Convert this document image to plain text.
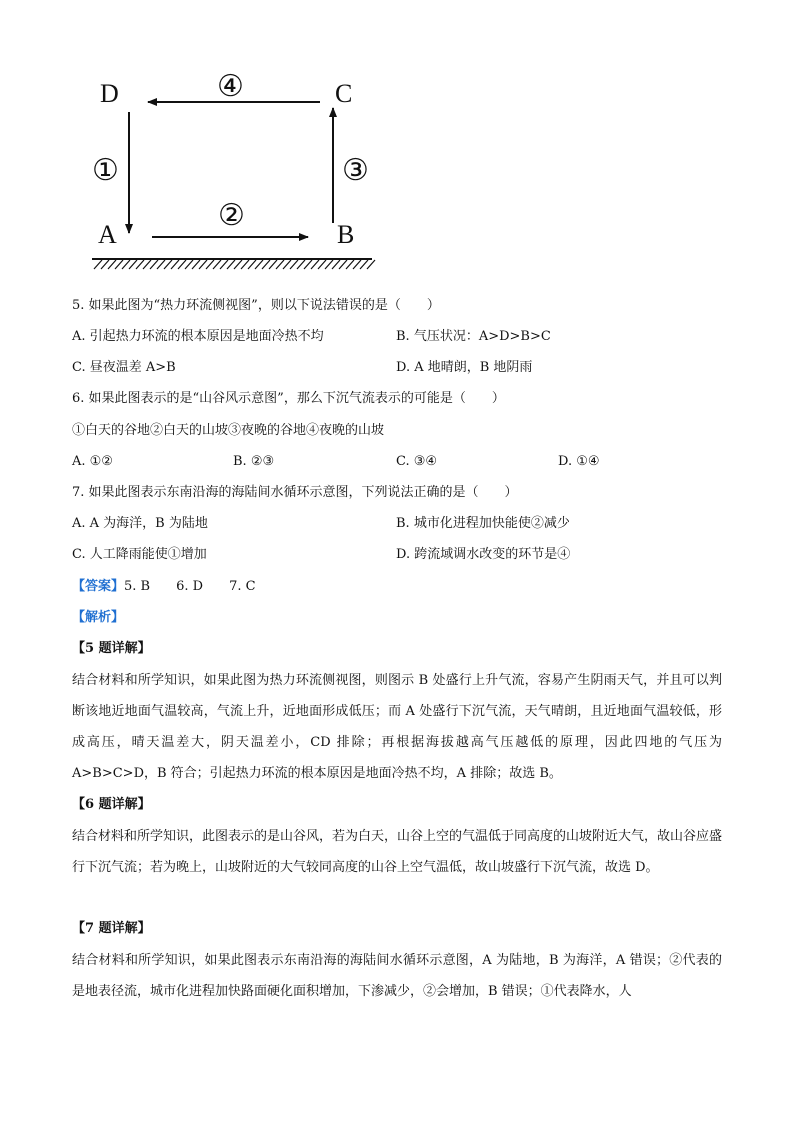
D	C
A	B
①
②
③
④
5. 如果此图为“热力环流侧视图”，则以下说法错误的是（　　）
A. 引起热力环流的根本原因是地面冷热不均	B. 气压状况：A>D>B>C
C. 昼夜温差 A>B	D. A 地晴朗，B 地阴雨
6. 如果此图表示的是“山谷风示意图”，那么下沉气流表示的可能是（　　）
①白天的谷地②白天的山坡③夜晚的谷地④夜晚的山坡
A. ①②	B. ②③	C. ③④	D. ①④
7. 如果此图表示东南沿海的海陆间水循环示意图，下列说法正确的是（　　）
A. A 为海洋，B 为陆地	B. 城市化进程加快能使②减少
C. 人工降雨能使①增加	D. 跨流域调水改变的环节是④
【答案】5. B　　6. D　　7. C
【解析】
【5 题详解】
结合材料和所学知识，如果此图为热力环流侧视图，则图示 B 处盛行上升气流，容易产生阴雨天气，并且可以判断该地近地面气温较高，气流上升，近地面形成低压；而 A 处盛行下沉气流，天气晴朗，且近地面气温较低，形成高压，晴天温差大，阴天温差小，CD 排除；再根据海拔越高气压越低的原理，因此四地的气压为 A>B>C>D，B 符合；引起热力环流的根本原因是地面冷热不均，A 排除；故选 B。
【6 题详解】
结合材料和所学知识，此图表示的是山谷风，若为白天，山谷上空的气温低于同高度的山坡附近大气，故山谷应盛行下沉气流；若为晚上，山坡附近的大气较同高度的山谷上空气温低，故山坡盛行下沉气流，故选 D。
【7 题详解】
结合材料和所学知识，如果此图表示东南沿海的海陆间水循环示意图，A 为陆地，B 为海洋，A 错误；②代表的是地表径流，城市化进程加快路面硬化面积增加，下渗减少，②会增加，B 错误；①代表降水，人
